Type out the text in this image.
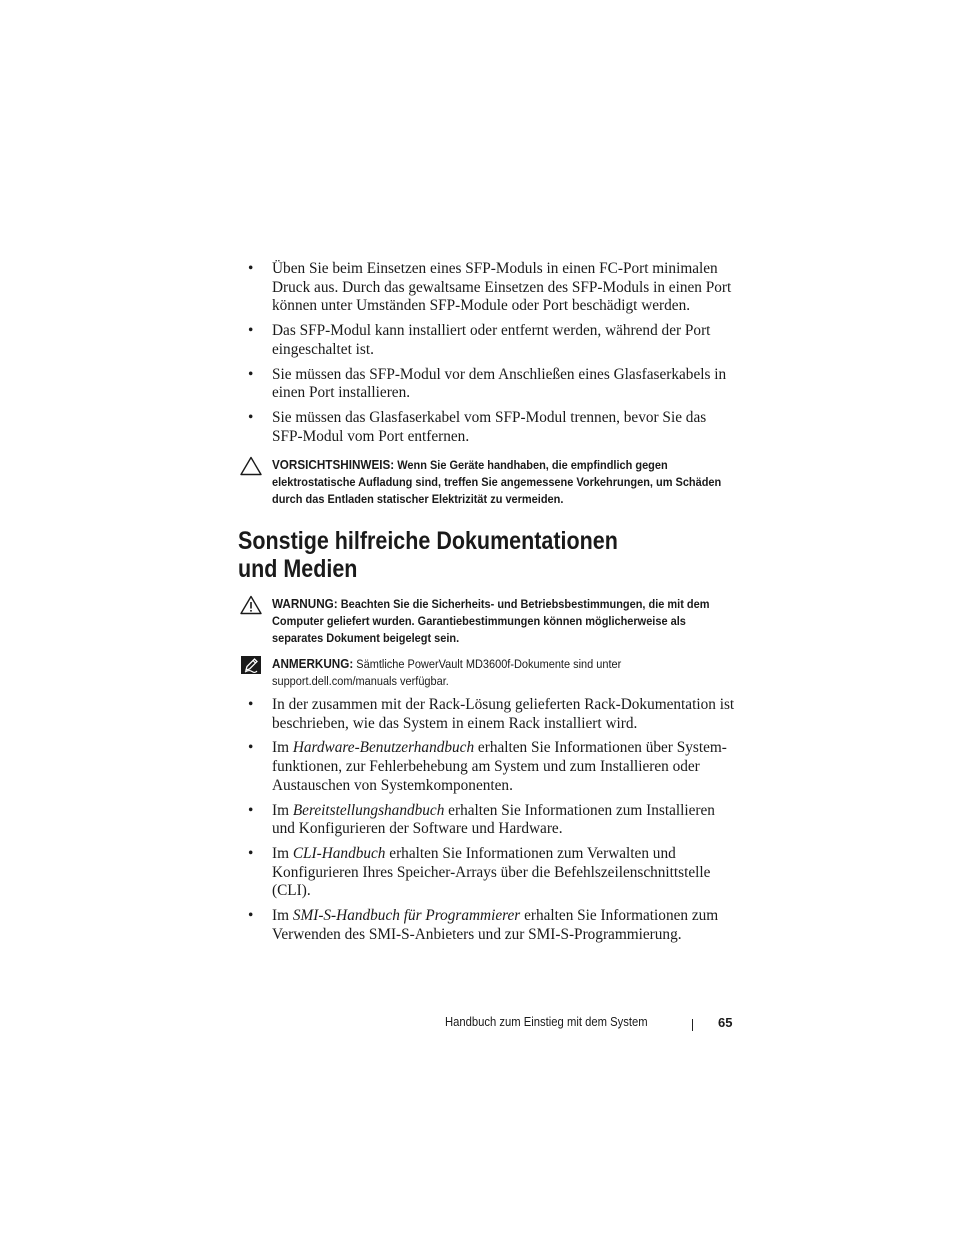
• Üben Sie beim Einsetzen eines SFP-Moduls in einen FC-Port minimalen Druck aus. Durch das gewaltsame Einsetzen des SFP-Moduls in einen Port können unter Umständen SFP-Module oder Port beschädigt werden.
• Das SFP-Modul kann installiert oder entfernt werden, während der Port eingeschaltet ist.
• Sie müssen das SFP-Modul vor dem Anschließen eines Glasfaserkabels in einen Port installieren.
• Sie müssen das Glasfaserkabel vom SFP-Modul trennen, bevor Sie das SFP-Modul vom Port entfernen.
VORSICHTSHINWEIS: Wenn Sie Geräte handhaben, die empfindlich gegen elektrostatische Aufladung sind, treffen Sie angemessene Vorkehrungen, um Schäden durch das Entladen statischer Elektrizität zu vermeiden.
Sonstige hilfreiche Dokumentationen
und Medien
WARNUNG: Beachten Sie die Sicherheits- und Betriebsbestimmungen, die mit dem Computer geliefert wurden. Garantiebestimmungen können möglicherweise als separates Dokument beigelegt sein.
ANMERKUNG: Sämtliche PowerVault MD3600f-Dokumente sind unter support.dell.com/manuals verfügbar.
• In der zusammen mit der Rack-Lösung gelieferten Rack-Dokumentation ist beschrieben, wie das System in einem Rack installiert wird.
• Im Hardware-Benutzerhandbuch erhalten Sie Informationen über System-funktionen, zur Fehlerbehebung am System und zum Installieren oder Austauschen von Systemkomponenten.
• Im Bereitstellungshandbuch erhalten Sie Informationen zum Installieren und Konfigurieren der Software und Hardware.
• Im CLI-Handbuch erhalten Sie Informationen zum Verwalten und Konfigurieren Ihres Speicher-Arrays über die Befehlszeilenschnittstelle (CLI).
• Im SMI-S-Handbuch für Programmierer erhalten Sie Informationen zum Verwenden des SMI-S-Anbieters und zur SMI-S-Programmierung.
Handbuch zum Einstieg mit dem System	65
